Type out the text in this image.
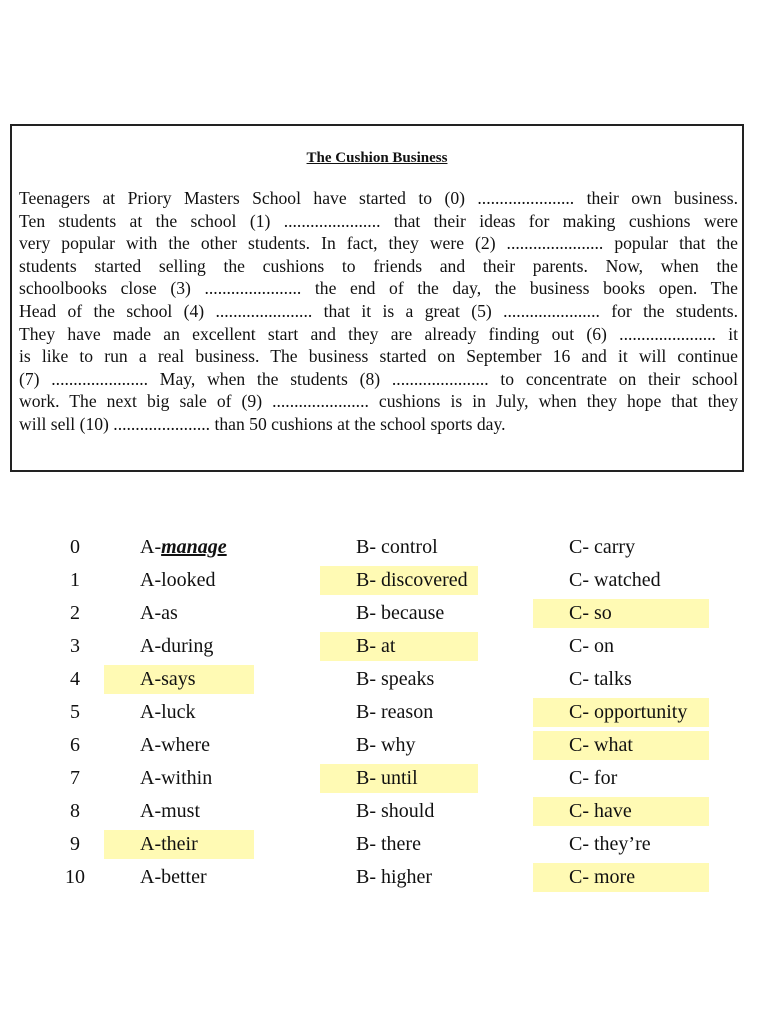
The Cushion Business
Teenagers at Priory Masters School have started to (0) ...................... their own business.
Ten students at the school (1) ...................... that their ideas for making cushions were
very popular with the other students. In fact, they were (2) ...................... popular that the
students started selling the cushions to friends and their parents. Now, when the
schoolbooks close (3) ...................... the end of the day, the business books open. The
Head of the school (4) ...................... that it is a great (5) ...................... for the students.
They have made an excellent start and they are already finding out (6) ...................... it
is like to run a real business. The business started on September 16 and it will continue
(7) ...................... May, when the students (8) ...................... to concentrate on their school
work. The next big sale of (9) ...................... cushions is in July, when they hope that they
will sell (10) ...................... than 50 cushions at the school sports day.
0	A-manage	B- control	C- carry
1	A-looked	B- discovered	C- watched
2	A-as	B- because	C- so
3	A-during	B- at	C- on
4	A-says	B- speaks	C- talks
5	A-luck	B- reason	C- opportunity
6	A-where	B- why	C- what
7	A-within	B- until	C- for
8	A-must	B- should	C- have
9	A-their	B- there	C- they’re
10	A-better	B- higher	C- more
